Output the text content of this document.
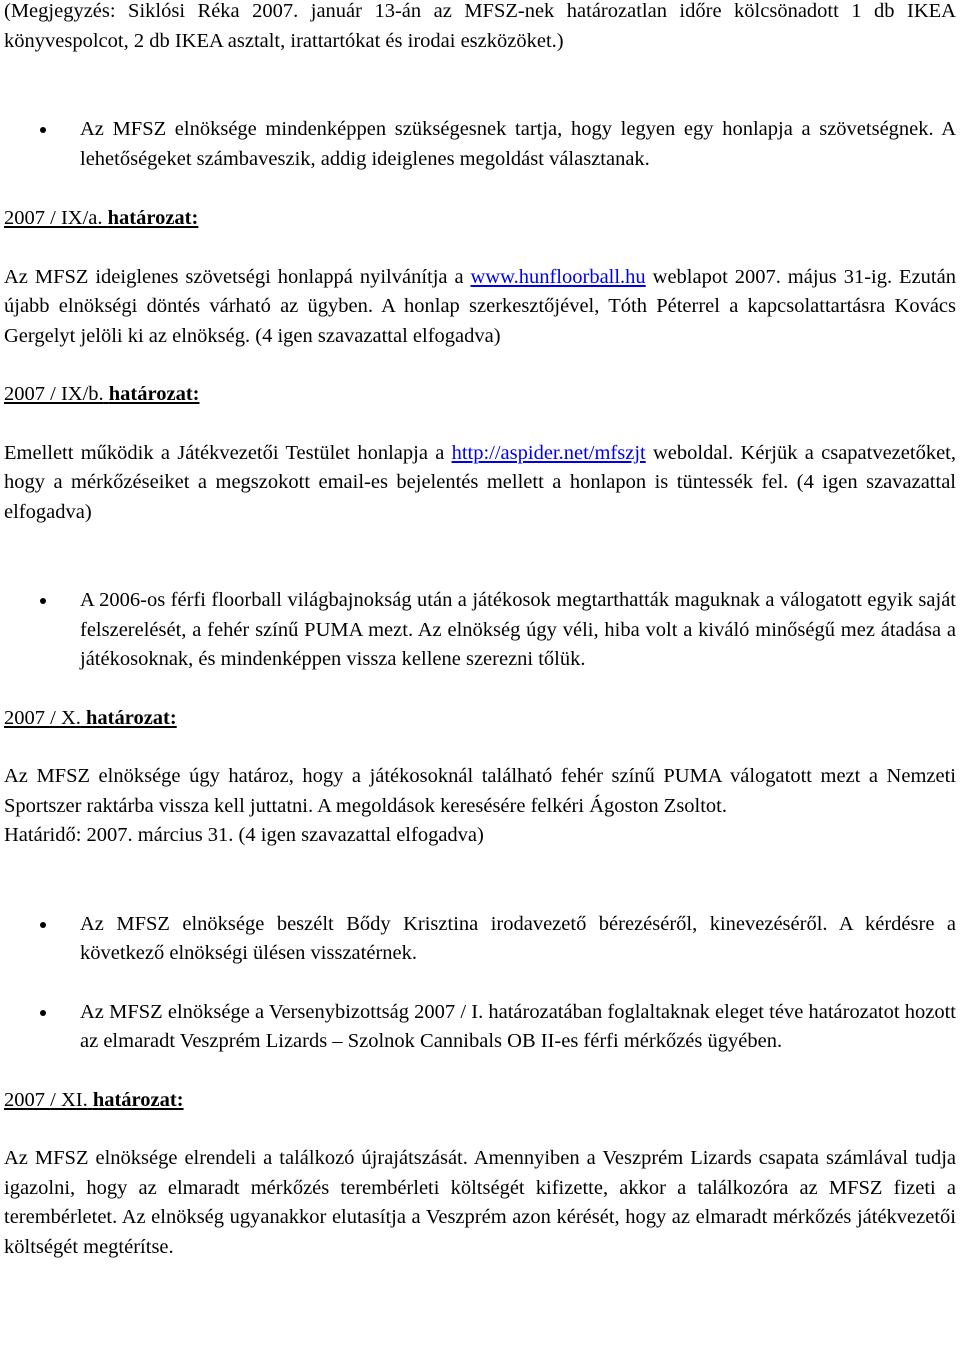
(Megjegyzés: Siklósi Réka 2007. január 13-án az MFSZ-nek határozatlan időre kölcsönadott 1 db IKEA könyvespolcot, 2 db IKEA asztalt, irattartókat és irodai eszközöket.)

Az MFSZ elnöksége mindenképpen szükségesnek tartja, hogy legyen egy honlapja a szövetségnek. A lehetőségeket számbaveszik, addig ideiglenes megoldást választanak.
2007 / IX/a. határozat:

Az MFSZ ideiglenes szövetségi honlappá nyilvánítja a www.hunfloorball.hu weblapot 2007. május 31-ig. Ezután újabb elnökségi döntés várható az ügyben. A honlap szerkesztőjével, Tóth Péterrel a kapcsolattartásra Kovács Gergelyt jelöli ki az elnökség. (4 igen szavazattal elfogadva)

2007 / IX/b. határozat:

Emellett működik a Játékvezetői Testület honlapja a http://aspider.net/mfszjt weboldal. Kérjük a csapatvezetőket, hogy a mérkőzéseiket a megszokott email-es bejelentés mellett a honlapon is tüntessék fel. (4 igen szavazattal elfogadva)

A 2006-os férfi floorball világbajnokság után a játékosok megtarthatták maguknak a válogatott egyik saját felszerelését, a fehér színű PUMA mezt. Az elnökség úgy véli, hiba volt a kiváló minőségű mez átadása a játékosoknak, és mindenképpen vissza kellene szerezni tőlük.
2007 / X. határozat:

Az MFSZ elnöksége úgy határoz, hogy a játékosoknál található fehér színű PUMA válogatott mezt a Nemzeti Sportszer raktárba vissza kell juttatni. A megoldások keresésére felkéri Ágoston Zsoltot.

Határidő: 2007. március 31. (4 igen szavazattal elfogadva)

Az MFSZ elnöksége beszélt Bődy Krisztina irodavezető bérezéséről, kinevezéséről. A kérdésre a következő elnökségi ülésen visszatérnek.
Az MFSZ elnöksége a Versenybizottság 2007 / I. határozatában foglaltaknak eleget téve határozatot hozott az elmaradt Veszprém Lizards – Szolnok Cannibals OB II-es férfi mérkőzés ügyében.
2007 / XI. határozat:

Az MFSZ elnöksége elrendeli a találkozó újrajátszását. Amennyiben a Veszprém Lizards csapata számlával tudja igazolni, hogy az elmaradt mérkőzés terembérleti költségét kifizette, akkor a találkozóra az MFSZ fizeti a terembérletet. Az elnökség ugyanakkor elutasítja a Veszprém azon kérését, hogy az elmaradt mérkőzés játékvezetői költségét megtérítse.
